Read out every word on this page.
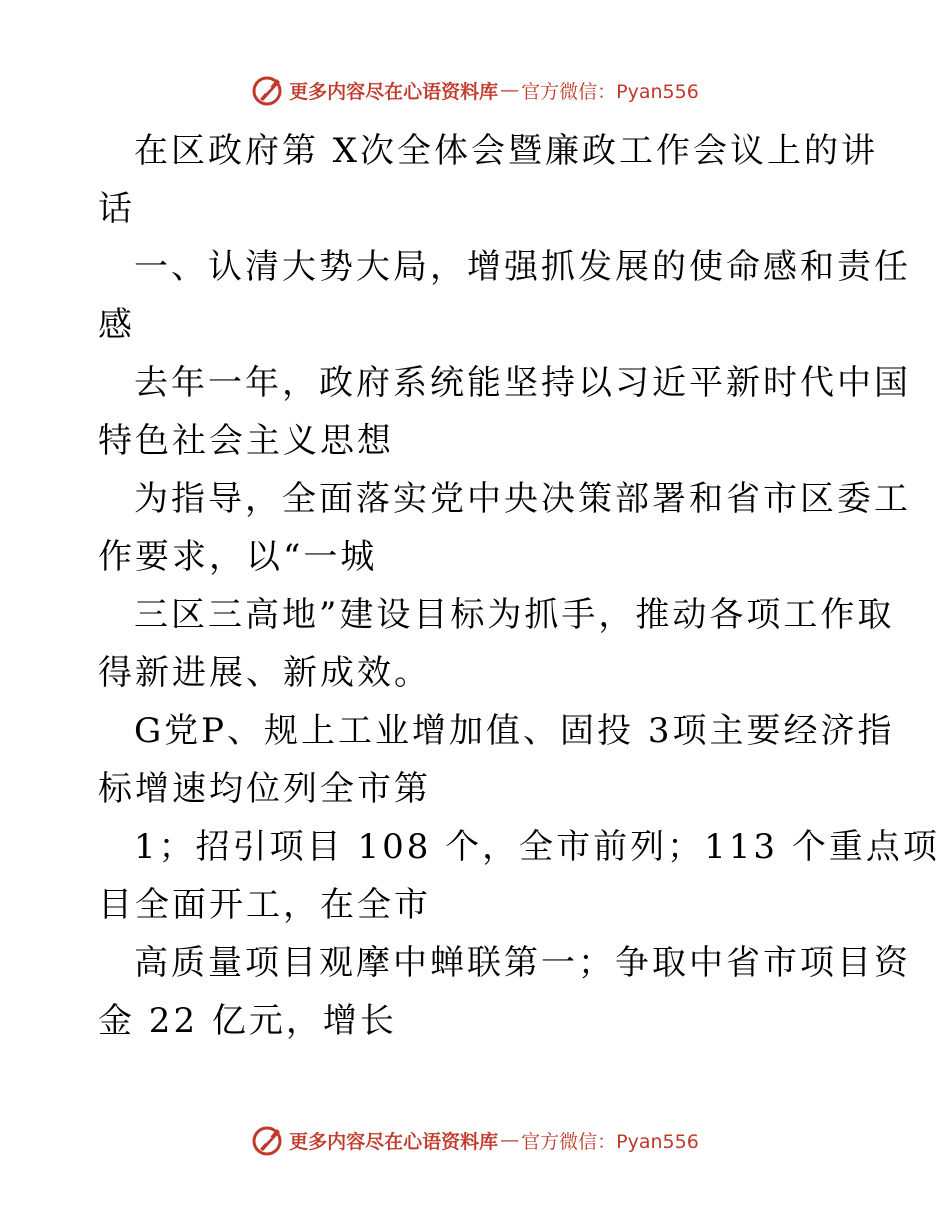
更多内容尽在心语资料库 — 官方微信：Pyan556
在区政府第 X次全体会暨廉政工作会议上的讲
话
一、认清大势大局，增强抓发展的使命感和责任
感
去年一年，政府系统能坚持以习近平新时代中国
特色社会主义思想
为指导，全面落实党中央决策部署和省市区委工
作要求，以“一城
三区三高地”建设目标为抓手，推动各项工作取
得新进展、新成效。
G党P、规上工业增加值、固投 3项主要经济指
标增速均位列全市第
1；招引项目 108 个，全市前列；113 个重点项
目全面开工，在全市
高质量项目观摩中蝉联第一；争取中省市项目资
金 22 亿元，增长
更多内容尽在心语资料库 — 官方微信：Pyan556
